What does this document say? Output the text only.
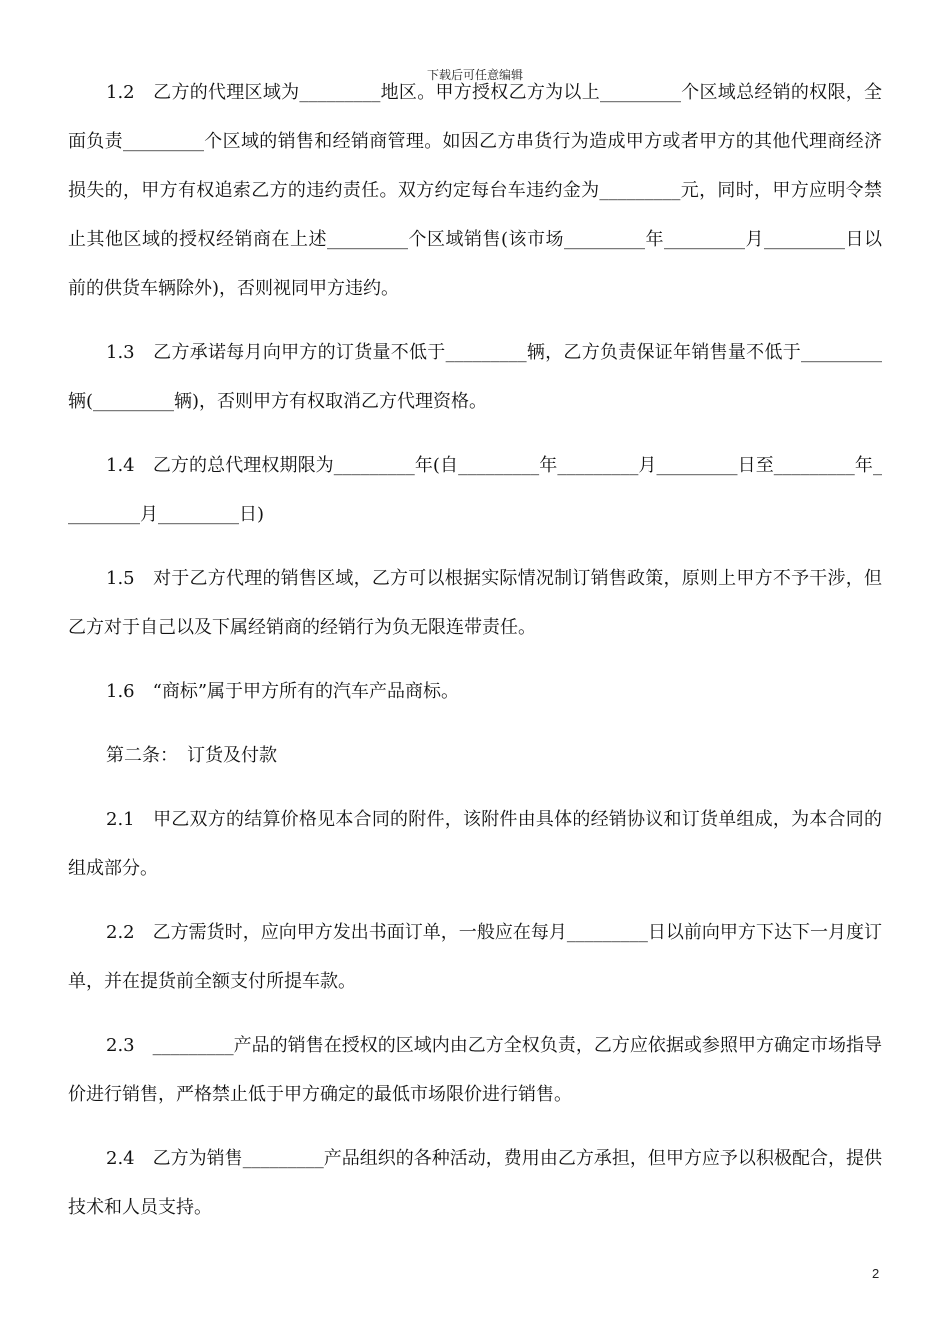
下载后可任意编辑

1.2　乙方的代理区域为_________地区。甲方授权乙方为以上_________个区域总经销的权限，全面负责_________个区域的销售和经销商管理。如因乙方串货行为造成甲方或者甲方的其他代理商经济损失的，甲方有权追索乙方的违约责任。双方约定每台车违约金为_________元，同时，甲方应明令禁止其他区域的授权经销商在上述_________个区域销售(该市场_________年_________月_________日以前的供货车辆除外)，否则视同甲方违约。

1.3　乙方承诺每月向甲方的订货量不低于_________辆，乙方负责保证年销售量不低于_________辆(_________辆)，否则甲方有权取消乙方代理资格。

1.4　乙方的总代理权期限为_________年(自_________年_________月_________日至_________年_________月_________日)

1.5　对于乙方代理的销售区域，乙方可以根据实际情况制订销售政策，原则上甲方不予干涉，但乙方对于自己以及下属经销商的经销行为负无限连带责任。

1.6　“商标”属于甲方所有的汽车产品商标。

第二条：　订货及付款

2.1　甲乙双方的结算价格见本合同的附件，该附件由具体的经销协议和订货单组成，为本合同的组成部分。

2.2　乙方需货时，应向甲方发出书面订单，一般应在每月_________日以前向甲方下达下一月度订单，并在提货前全额支付所提车款。

2.3　_________产品的销售在授权的区域内由乙方全权负责，乙方应依据或参照甲方确定市场指导价进行销售，严格禁止低于甲方确定的最低市场限价进行销售。

2.4　乙方为销售_________产品组织的各种活动，费用由乙方承担，但甲方应予以积极配合，提供技术和人员支持。

2
